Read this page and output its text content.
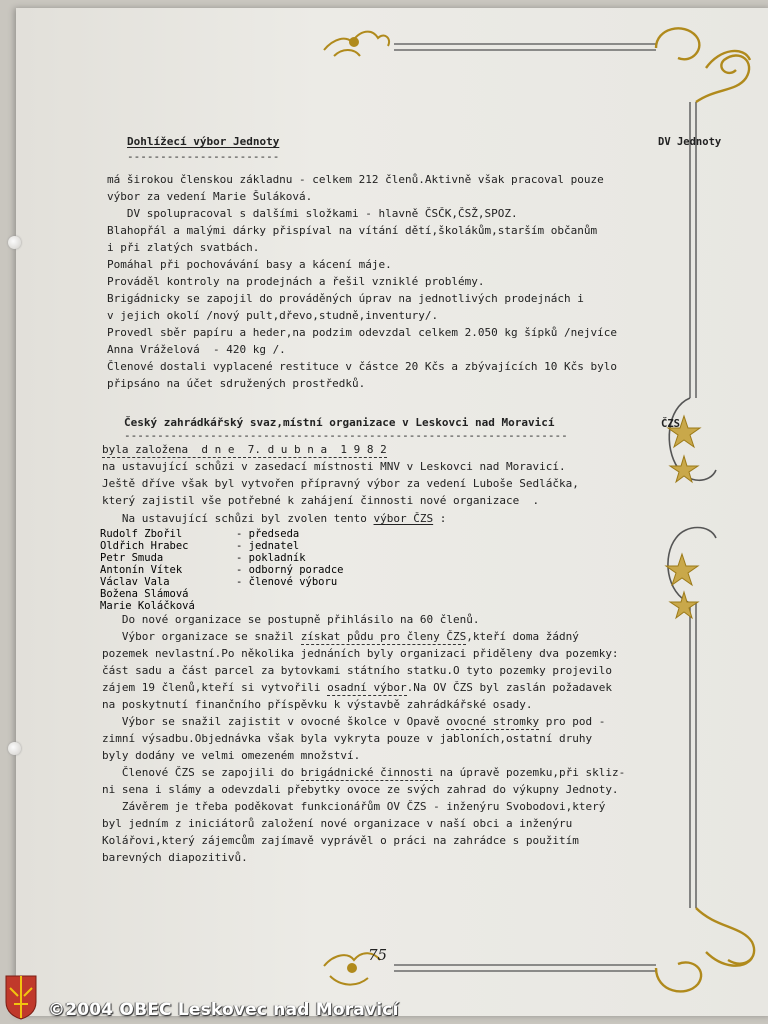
Dohlížecí výbor Jednoty
-----------------------
DV Jednoty
má širokou členskou základnu - celkem 212 členů.Aktivně však pracoval pouze
výbor za vedení Marie Šuláková.
DV spolupracoval s dalšími složkami - hlavně ČSČK,ČSŽ,SPOZ.
Blahopřál a malými dárky přispíval na vítání dětí,školákům,starším občanům
i při zlatých svatbách.
Pomáhal při pochovávání basy a kácení máje.
Prováděl kontroly na prodejnách a řešil vzniklé problémy.
Brigádnicky se zapojil do prováděných úprav na jednotlivých prodejnách i
v jejich okolí /nový pult,dřevo,studně,inventury/.
Provedl sběr papíru a heder,na podzim odevzdal celkem 2.050 kg šípků /nejvíce
Anna Vráželová  - 420 kg /.
Členové dostali vyplacené restituce v částce 20 Kčs a zbývajících 10 Kčs bylo
připsáno na účet sdružených prostředků.
Český zahrádkářský svaz,místní organizace v Leskovci nad Moravicí
-------------------------------------------------------------------
ČZS
byla založena  d n e  7. d u b n a  1 9 8 2
na ustavující schůzi v zasedací místnosti MNV v Leskovci nad Moravicí.
Ještě dříve však byl vytvořen přípravný výbor za vedení Luboše Sedláčka,
který zajistil vše potřebné k zahájení činnosti nové organizace  .
Na ustavující schůzi byl zvolen tento výbor ČZS :
Rudolf Zbořil	- předseda
Oldřich Hrabec	- jednatel
Petr Smuda	- pokladník
Antonín Vítek	- odborný poradce
Václav Vala	- členové výboru
Božena Slámová
Marie Koláčková
Do nové organizace se postupně přihlásilo na 60 členů.
Výbor organizace se snažil získat půdu pro členy ČZS,kteří doma žádný
pozemek nevlastní.Po několika jednáních byly organizaci přiděleny dva pozemky:
část sadu a část parcel za bytovkami státního statku.O tyto pozemky projevilo
zájem 19 členů,kteří si vytvořili osadní výbor.Na OV ČZS byl zaslán požadavek
na poskytnutí finančního příspěvku k výstavbě zahrádkářské osady.
Výbor se snažil zajistit v ovocné školce v Opavě ovocné stromky pro pod -
zimní výsadbu.Objednávka však byla vykryta pouze v jabloních,ostatní druhy
byly dodány ve velmi omezeném množství.
Členové ČZS se zapojili do brigádnické činnosti na úpravě pozemku,při skliz-
ni sena i slámy a odevzdali přebytky ovoce ze svých zahrad do výkupny Jednoty.
Závěrem je třeba poděkovat funkcionářům OV ČZS - inženýru Svobodovi,který
byl jedním z iniciátorů založení nové organizace v naší obci a inženýru
Kolářovi,který zájemcům zajímavě vyprávěl o práci na zahrádce s použitím
barevných diapozitivů.
75
©2004 OBEC Leskovec nad Moravicí
